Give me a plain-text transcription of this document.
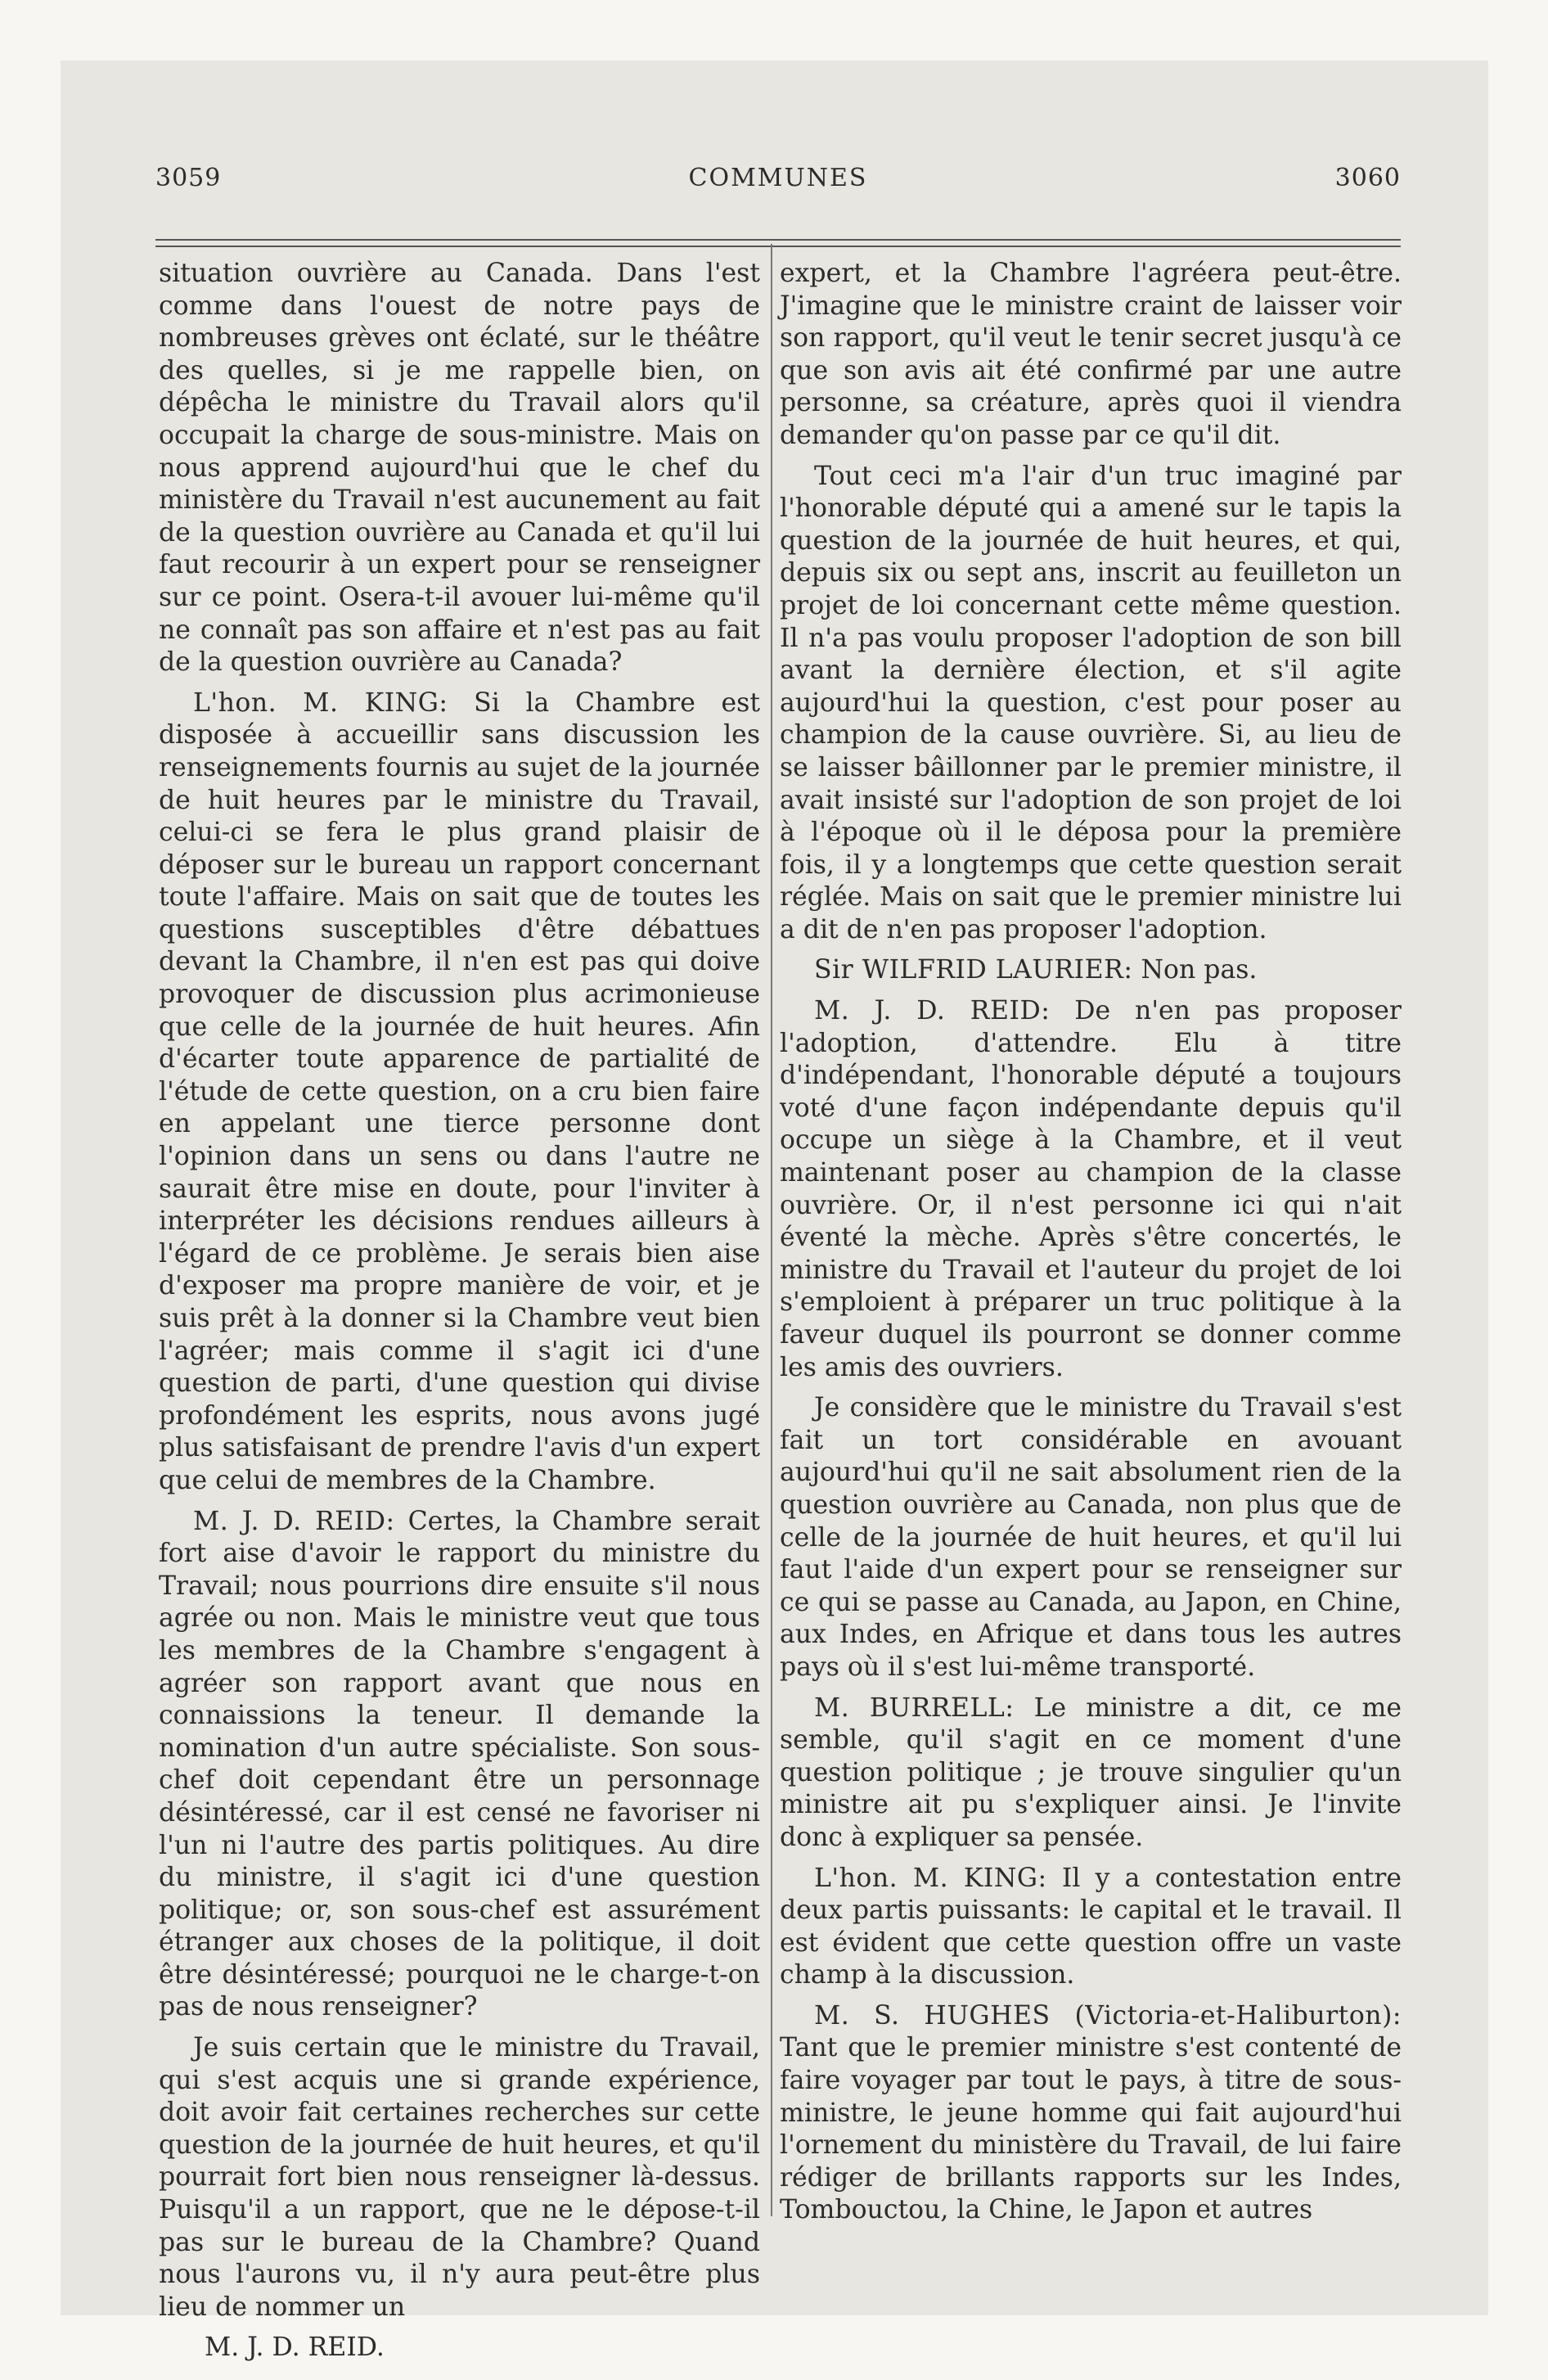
3059	COMMUNES	3060

situation ouvrière au Canada. Dans l'est comme dans l'ouest de notre pays de nombreuses grèves ont éclaté, sur le théâtre des quelles, si je me rappelle bien, on dépêcha le ministre du Travail alors qu'il occupait la charge de sous-ministre. Mais on nous apprend aujourd'hui que le chef du ministère du Travail n'est aucunement au fait de la question ouvrière au Canada et qu'il lui faut recourir à un expert pour se renseigner sur ce point. Osera-t-il avouer lui-même qu'il ne connaît pas son affaire et n'est pas au fait de la question ouvrière au Canada?

L'hon. M. KING: Si la Chambre est disposée à accueillir sans discussion les renseignements fournis au sujet de la journée de huit heures par le ministre du Travail, celui-ci se fera le plus grand plaisir de déposer sur le bureau un rapport concernant toute l'affaire. Mais on sait que de toutes les questions susceptibles d'être débattues devant la Chambre, il n'en est pas qui doive provoquer de discussion plus acrimonieuse que celle de la journée de huit heures. Afin d'écarter toute apparence de partialité de l'étude de cette question, on a cru bien faire en appelant une tierce personne dont l'opinion dans un sens ou dans l'autre ne saurait être mise en doute, pour l'inviter à interpréter les décisions rendues ailleurs à l'égard de ce problème. Je serais bien aise d'exposer ma propre manière de voir, et je suis prêt à la donner si la Chambre veut bien l'agréer; mais comme il s'agit ici d'une question de parti, d'une question qui divise profondément les esprits, nous avons jugé plus satisfaisant de prendre l'avis d'un expert que celui de membres de la Chambre.

M. J. D. REID: Certes, la Chambre serait fort aise d'avoir le rapport du ministre du Travail; nous pourrions dire ensuite s'il nous agrée ou non. Mais le ministre veut que tous les membres de la Chambre s'engagent à agréer son rapport avant que nous en connaissions la teneur. Il demande la nomination d'un autre spécialiste. Son sous-chef doit cependant être un personnage désintéressé, car il est censé ne favoriser ni l'un ni l'autre des partis politiques. Au dire du ministre, il s'agit ici d'une question politique; or, son sous-chef est assurément étranger aux choses de la politique, il doit être désintéressé; pourquoi ne le charge-t-on pas de nous renseigner?

Je suis certain que le ministre du Travail, qui s'est acquis une si grande expérience, doit avoir fait certaines recherches sur cette question de la journée de huit heures, et qu'il pourrait fort bien nous renseigner là-dessus. Puisqu'il a un rapport, que ne le dépose-t-il pas sur le bureau de la Chambre? Quand nous l'aurons vu, il n'y aura peut-être plus lieu de nommer un

M. J. D. REID.

expert, et la Chambre l'agréera peut-être. J'imagine que le ministre craint de laisser voir son rapport, qu'il veut le tenir secret jusqu'à ce que son avis ait été confirmé par une autre personne, sa créature, après quoi il viendra demander qu'on passe par ce qu'il dit.

Tout ceci m'a l'air d'un truc imaginé par l'honorable député qui a amené sur le tapis la question de la journée de huit heures, et qui, depuis six ou sept ans, inscrit au feuilleton un projet de loi concernant cette même question. Il n'a pas voulu proposer l'adoption de son bill avant la dernière élection, et s'il agite aujourd'hui la question, c'est pour poser au champion de la cause ouvrière. Si, au lieu de se laisser bâillonner par le premier ministre, il avait insisté sur l'adoption de son projet de loi à l'époque où il le déposa pour la première fois, il y a longtemps que cette question serait réglée. Mais on sait que le premier ministre lui a dit de n'en pas proposer l'adoption.

Sir WILFRID LAURIER: Non pas.

M. J. D. REID: De n'en pas proposer l'adoption, d'attendre. Elu à titre d'indépendant, l'honorable député a toujours voté d'une façon indépendante depuis qu'il occupe un siège à la Chambre, et il veut maintenant poser au champion de la classe ouvrière. Or, il n'est personne ici qui n'ait éventé la mèche. Après s'être concertés, le ministre du Travail et l'auteur du projet de loi s'emploient à préparer un truc politique à la faveur duquel ils pourront se donner comme les amis des ouvriers.

Je considère que le ministre du Travail s'est fait un tort considérable en avouant aujourd'hui qu'il ne sait absolument rien de la question ouvrière au Canada, non plus que de celle de la journée de huit heures, et qu'il lui faut l'aide d'un expert pour se renseigner sur ce qui se passe au Canada, au Japon, en Chine, aux Indes, en Afrique et dans tous les autres pays où il s'est lui-même transporté.

M. BURRELL: Le ministre a dit, ce me semble, qu'il s'agit en ce moment d'une question politique ; je trouve singulier qu'un ministre ait pu s'expliquer ainsi. Je l'invite donc à expliquer sa pensée.

L'hon. M. KING: Il y a contestation entre deux partis puissants: le capital et le travail. Il est évident que cette question offre un vaste champ à la discussion.

M. S. HUGHES (Victoria-et-Haliburton): Tant que le premier ministre s'est contenté de faire voyager par tout le pays, à titre de sous-ministre, le jeune homme qui fait aujourd'hui l'ornement du ministère du Travail, de lui faire rédiger de brillants rapports sur les Indes, Tombouctou, la Chine, le Japon et autres
